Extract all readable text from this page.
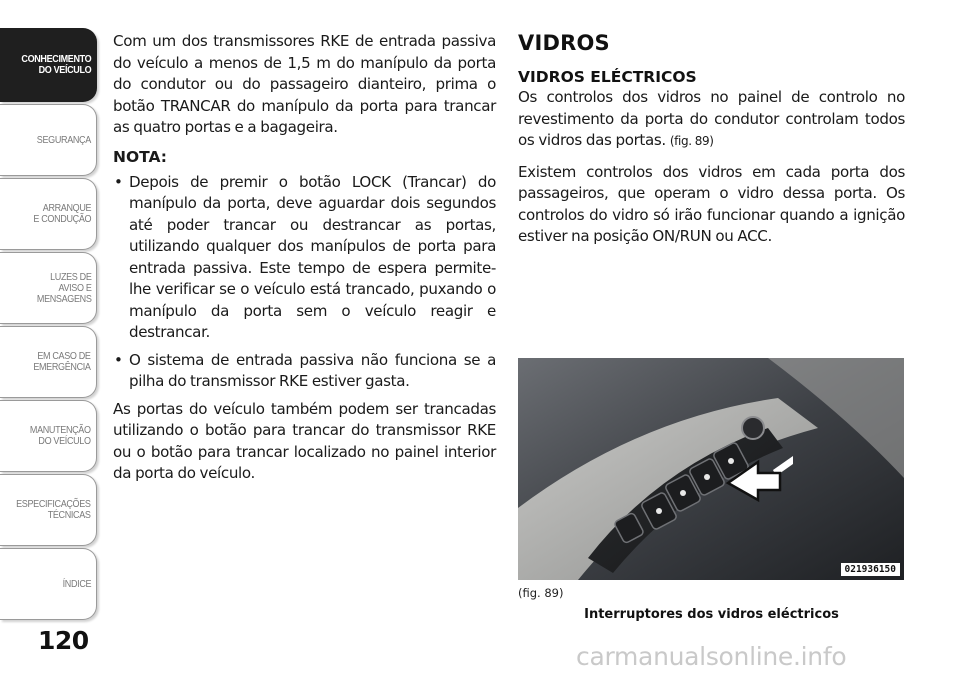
CONHECIMENTO
DO VEÍCULO
SEGURANÇA
ARRANQUE
E CONDUÇÃO
LUZES DE
AVISO E
MENSAGENS
EM CASO DE
EMERGÊNCIA
MANUTENÇÃO
DO VEÍCULO
ESPECIFICAÇÕES
TÉCNICAS
ÍNDICE
120

Com um dos transmissores RKE de entrada passiva do veículo a menos de 1,5 m do manípulo da porta do condutor ou do passageiro dianteiro, prima o botão TRANCAR do manípulo da porta para trancar as quatro portas e a bagageira.

NOTA:
• Depois de premir o botão LOCK (Trancar) do manípulo da porta, deve aguardar dois segundos até poder trancar ou destrancar as portas, utilizando qualquer dos manípulos de porta para entrada passiva. Este tempo de espera permite-lhe verificar se o veículo está trancado, puxando o manípulo da porta sem o veículo reagir e destrancar.
• O sistema de entrada passiva não funciona se a pilha do transmissor RKE estiver gasta.

As portas do veículo também podem ser trancadas utilizando o botão para trancar do transmissor RKE ou o botão para trancar localizado no painel interior da porta do veículo.

VIDROS
VIDROS ELÉCTRICOS

Os controlos dos vidros no painel de controlo no revestimento da porta do condutor controlam todos os vidros das portas. (fig. 89)

Existem controlos dos vidros em cada porta dos passageiros, que operam o vidro dessa porta. Os controlos do vidro só irão funcionar quando a ignição estiver na posição ON/RUN ou ACC.

021936150
(fig. 89)
Interruptores dos vidros eléctricos
carmanualsonline.info
